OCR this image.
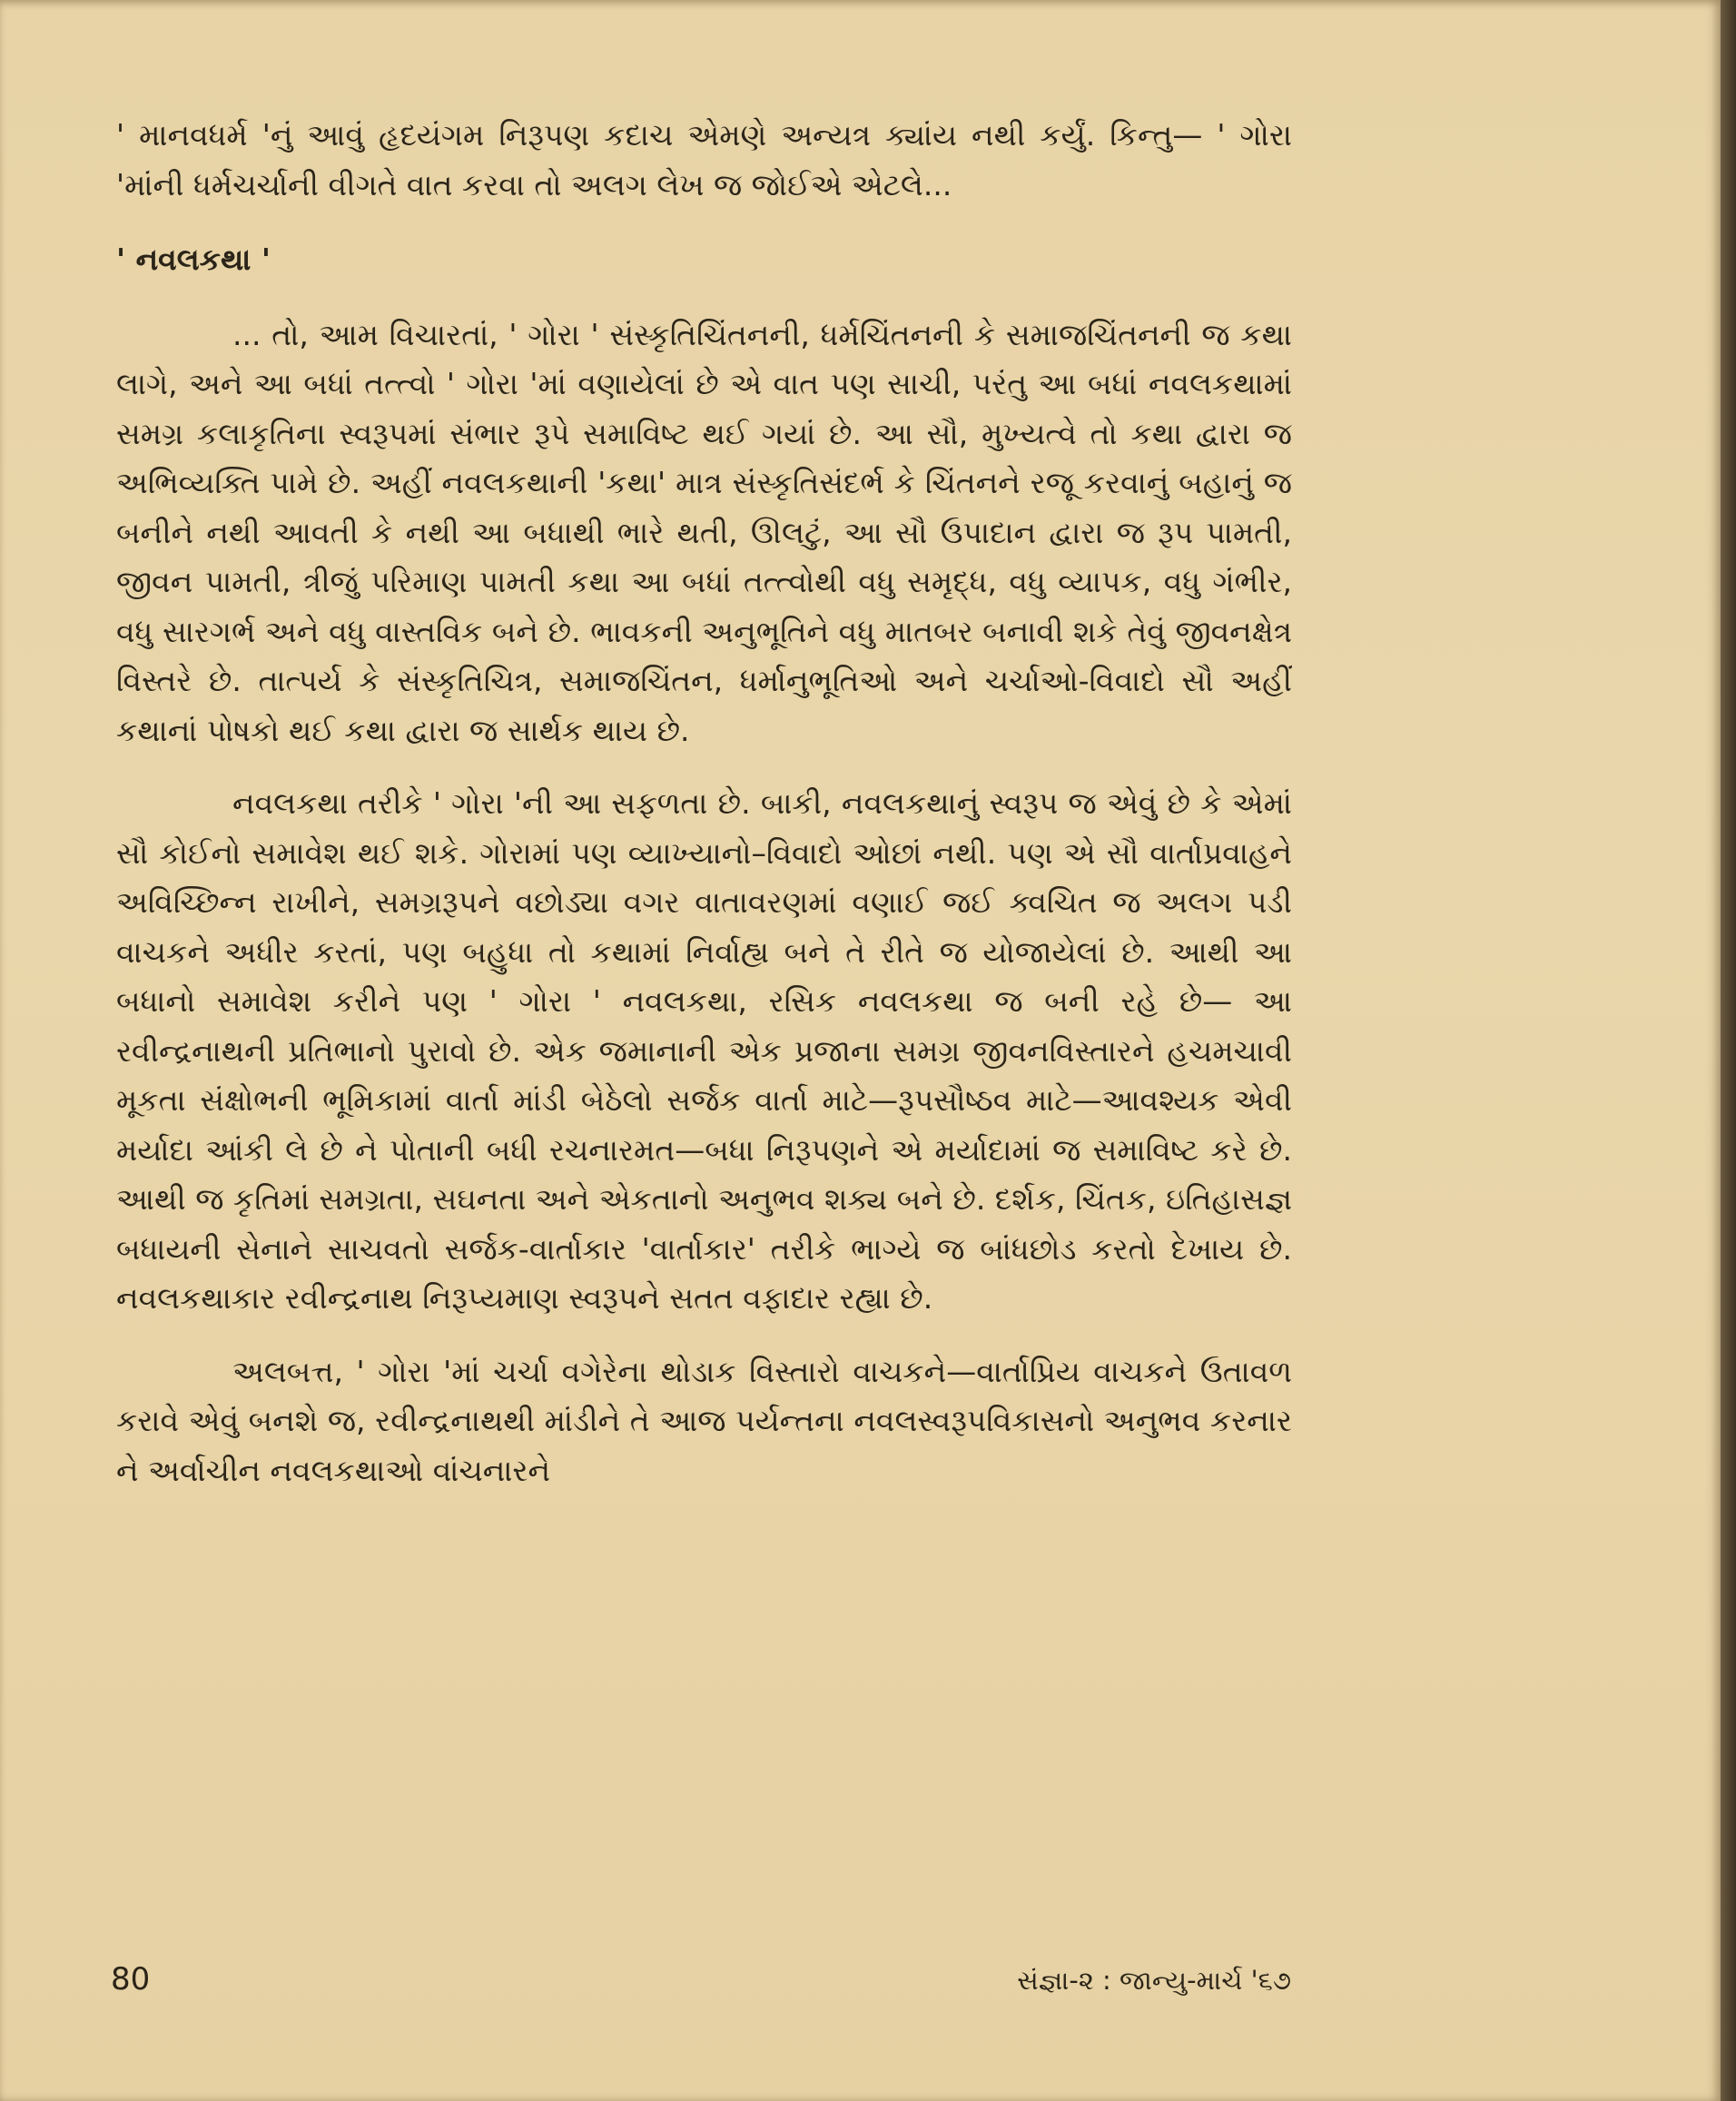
' માનવધર્મ 'નું આવું હૃદયંગમ નિરૂપણ કદાચ એમણે અન્યત્ર ક્યાંય નથી કર્યું. કિન્તુ— ' ગોરા 'માંની ધર્મચર્ચાની વીગતે વાત કરવા તો અલગ લેખ જ જોઈએ એટલે...

' નવલકથા '

... તો, આમ વિચારતાં, ' ગોરા ' સંસ્કૃતિચિંતનની, ધર્મચિંતનની કે સમાજચિંતનની જ કથા લાગે, અને આ બધાં તત્ત્વો ' ગોરા 'માં વણાયેલાં છે એ વાત પણ સાચી, પરંતુ આ બધાં નવલકથામાં સમગ્ર કલાકૃતિના સ્વરૂપમાં સંભાર રૂપે સમાવિષ્ટ થઈ ગયાં છે. આ સૌ, મુખ્યત્વે તો કથા દ્વારા જ અભિવ્યક્તિ પામે છે. અહીં નવલકથાની 'કથા' માત્ર સંસ્કૃતિસંદર્ભ કે ચિંતનને રજૂ કરવાનું બહાનું જ બનીને નથી આવતી કે નથી આ બધાથી ભારે થતી, ઊલટું, આ સૌ ઉપાદાન દ્વારા જ રૂપ પામતી, જીવન પામતી, ત્રીજું પરિમાણ પામતી કથા આ બધાં તત્ત્વોથી વધુ સમૃદ્ધ, વધુ વ્યાપક, વધુ ગંભીર, વધુ સારગર્ભ અને વધુ વાસ્તવિક બને છે. ભાવકની અનુભૂતિને વધુ માતબર બનાવી શકે તેવું જીવનક્ષેત્ર વિસ્તરે છે. તાત્પર્ય કે સંસ્કૃતિચિત્ર, સમાજચિંતન, ધર્માનુભૂતિઓ અને ચર્ચાઓ-વિવાદો સૌ અહીં કથાનાં પોષકો થઈ કથા દ્વારા જ સાર્થક થાય છે.

નવલકથા તરીકે ' ગોરા 'ની આ સફળતા છે. બાકી, નવલકથાનું સ્વરૂપ જ એવું છે કે એમાં સૌ કોઈનો સમાવેશ થઈ શકે. ગોરામાં પણ વ્યાખ્યાનો–વિવાદો ઓછાં નથી. પણ એ સૌ વાર્તાપ્રવાહને અવિચ્છિન્ન રાખીને, સમગ્રરૂપને વછોડ્યા વગર વાતાવરણમાં વણાઈ જઈ ક્વચિત જ અલગ પડી વાચકને અધીર કરતાં, પણ બહુધા તો કથામાં નિર્વાહ્ય બને તે રીતે જ યોજાયેલાં છે. આથી આ બધાનો સમાવેશ કરીને પણ ' ગોરા ' નવલકથા, રસિક નવલકથા જ બની રહે છે— આ રવીન્દ્રનાથની પ્રતિભાનો પુરાવો છે. એક જમાનાની એક પ્રજાના સમગ્ર જીવનવિસ્તારને હચમચાવી મૂકતા સંક્ષોભની ભૂમિકામાં વાર્તા માંડી બેઠેલો સર્જક વાર્તા માટે—રૂપસૌષ્ઠવ માટે—આવશ્યક એવી મર્યાદા આંકી લે છે ને પોતાની બધી રચનારમત—બધા નિરૂપણને એ મર્યાદામાં જ સમાવિષ્ટ કરે છે. આથી જ કૃતિમાં સમગ્રતા, સઘનતા અને એકતાનો અનુભવ શક્ય બને છે. દર્શક, ચિંતક, ઇતિહાસજ્ઞ બધાયની સેનાને સાચવતો સર્જક-વાર્તાકાર 'વાર્તાકાર' તરીકે ભાગ્યે જ બાંધછોડ કરતો દેખાય છે. નવલકથાકાર રવીન્દ્રનાથ નિરૂપ્યમાણ સ્વરૂપને સતત વફાદાર રહ્યા છે.

અલબત્ત, ' ગોરા 'માં ચર્ચા વગેરેના થોડાક વિસ્તારો વાચકને—વાર્તાપ્રિય વાચકને ઉતાવળ કરાવે એવું બનશે જ, રવીન્દ્રનાથથી માંડીને તે આજ પર્યન્તના નવલસ્વરૂપવિકાસનો અનુભવ કરનાર ને અર્વાચીન નવલકથાઓ વાંચનારને

80	સંજ્ઞા-૨ : જાન્યુ-માર્ચ '૬૭
